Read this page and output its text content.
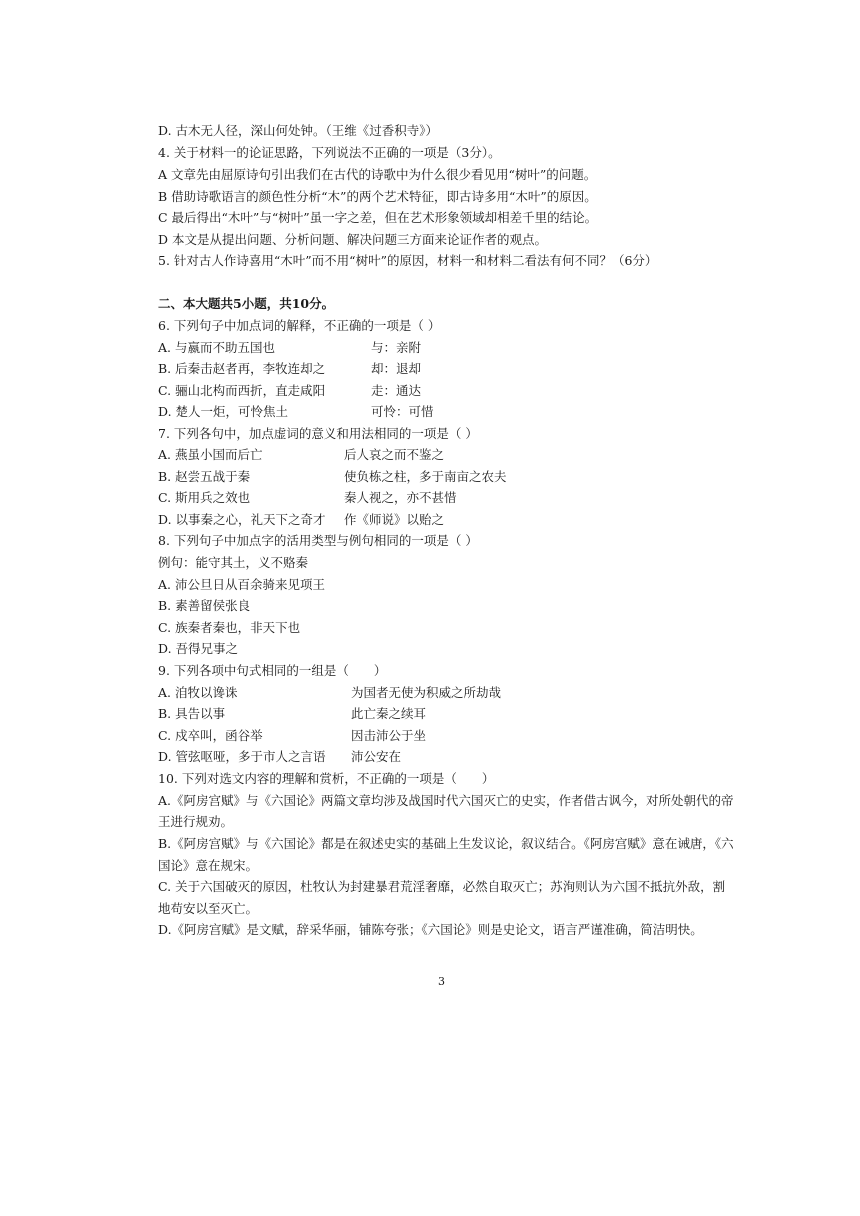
D. 古木无人径，深山何处钟。（王维《过香积寺》）
4. 关于材料一的论证思路，下列说法不正确的一项是（3分）。
A 文章先由屈原诗句引出我们在古代的诗歌中为什么很少看见用“树叶”的问题。
B 借助诗歌语言的颜色性分析“木”的两个艺术特征，即古诗多用“木叶”的原因。
C 最后得出“木叶”与“树叶”虽一字之差，但在艺术形象领域却相差千里的结论。
D 本文是从提出问题、分析问题、解决问题三方面来论证作者的观点。
5. 针对古人作诗喜用“木叶”而不用“树叶”的原因，材料一和材料二看法有何不同？（6分）
二、本大题共5小题，共10分。
6. 下列句子中加点词的解释，不正确的一项是（ ）
A. 与嬴而不助五国也	与：亲附
B. 后秦击赵者再，李牧连却之	却：退却
C. 骊山北构而西折，直走咸阳	走：通达
D. 楚人一炬，可怜焦土	可怜：可惜
7. 下列各句中，加点虚词的意义和用法相同的一项是（ ）
A. 燕虽小国而后亡	后人哀之而不鉴之
B. 赵尝五战于秦	使负栋之柱，多于南亩之农夫
C. 斯用兵之效也	秦人视之，亦不甚惜
D. 以事秦之心，礼天下之奇才 作《师说》以贻之
8. 下列句子中加点字的活用类型与例句相同的一项是（ ）
例句：能守其土，义不赂秦
A. 沛公旦日从百余骑来见项王
B. 素善留侯张良
C. 族秦者秦也，非天下也
D. 吾得兄事之
9. 下列各项中句式相同的一组是（　　）
A. 洎牧以谗诛	为国者无使为积威之所劫哉
B. 具告以事	此亡秦之续耳
C. 戍卒叫，函谷举	因击沛公于坐
D. 管弦呕哑，多于市人之言语 沛公安在
10. 下列对选文内容的理解和赏析，不正确的一项是（　　）
A.《阿房宫赋》与《六国论》两篇文章均涉及战国时代六国灭亡的史实，作者借古讽今，对所处朝代的帝
王进行规劝。
B.《阿房宫赋》与《六国论》都是在叙述史实的基础上生发议论，叙议结合。《阿房宫赋》意在诫唐，《六
国论》意在规宋。
C. 关于六国破灭的原因，杜牧认为封建暴君荒淫奢靡，必然自取灭亡；苏洵则认为六国不抵抗外敌，割
地苟安以至灭亡。
D.《阿房宫赋》是文赋，辞采华丽，铺陈夸张；《六国论》则是史论文，语言严谨准确，简洁明快。
3
